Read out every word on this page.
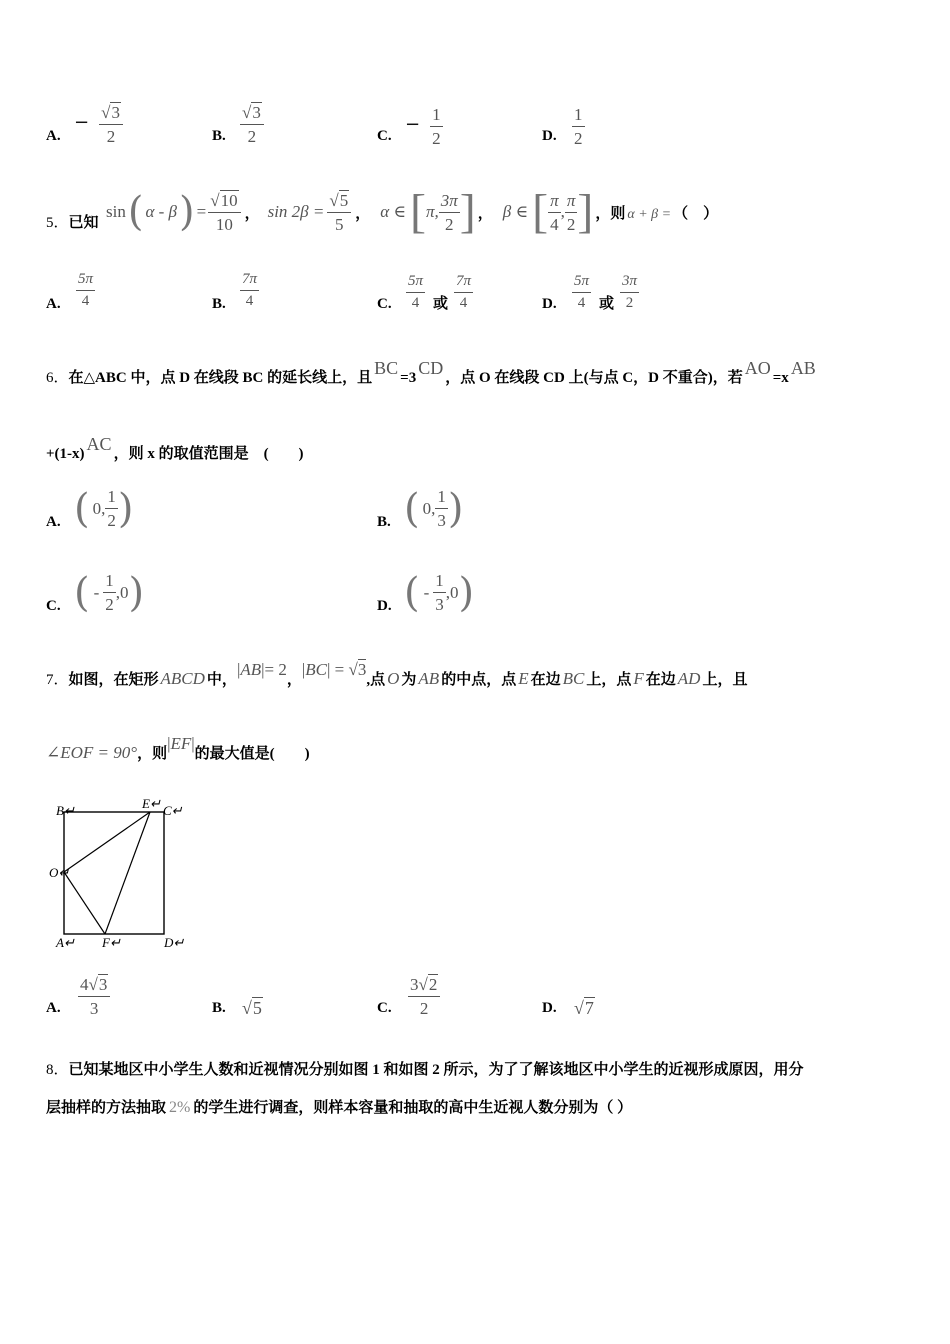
A.
− $\frac{√3}{2}$	B. $\frac{√3}{2}$	C.
− $\frac{1}{2}$	D. $\frac{1}{2}$
5．已知
sin ( α - β ) = $\frac{√10}{10}$ ， $\sin 2\beta = \frac{√5}{5}$ ， α ∈ [ π, $\frac{3\pi}{2}$ ] ， β ∈ [ $\frac{\pi}{4}$ , $\frac{\pi}{2}$ ] ，则 α + β = （　）
A. $\frac{5\pi}{4}$	B. $\frac{7\pi}{4}$	C. $\frac{5\pi}{4}$ 或 $\frac{7\pi}{4}$	D. $\frac{5\pi}{4}$ 或 $\frac{3\pi}{2}$
6．在△ABC 中，点 D 在线段 BC 的延长线上，且 BC =3 CD ，点 O 在线段 CD 上(与点 C，D 不重合)，若 AO =x AB
+(1-x) AC ，则 x 的取值范围是　(　　)
A. ( 0, $\frac{1}{2}$ )	B. ( 0, $\frac{1}{3}$ )
C. ( - $\frac{1}{2} ,0$ )	D. ( - $\frac{1}{3} ,0$ )
7． 如图，在矩形 ABCD 中，
|AB|= 2
，
|BC| = √3
,点 O 为 AB 的中点，点 E 在边 BC 上，点 F 在边 AD 上，且
∠EOF = 90° ，则
|EF|
的最大值是(　　)
B↵	E↵ C↵
O↵
A↵ F↵	D↵
A. $\frac{4√3}{3}$	B. √5	C. $\frac{3√2}{2}$	D. √7
8．已知某地区中小学生人数和近视情况分别如图 1 和如图 2 所示，为了了解该地区中小学生的近视形成原因，用分
层抽样的方法抽取 2% 的学生进行调查，则样本容量和抽取的高中生近视人数分别为（ ）
